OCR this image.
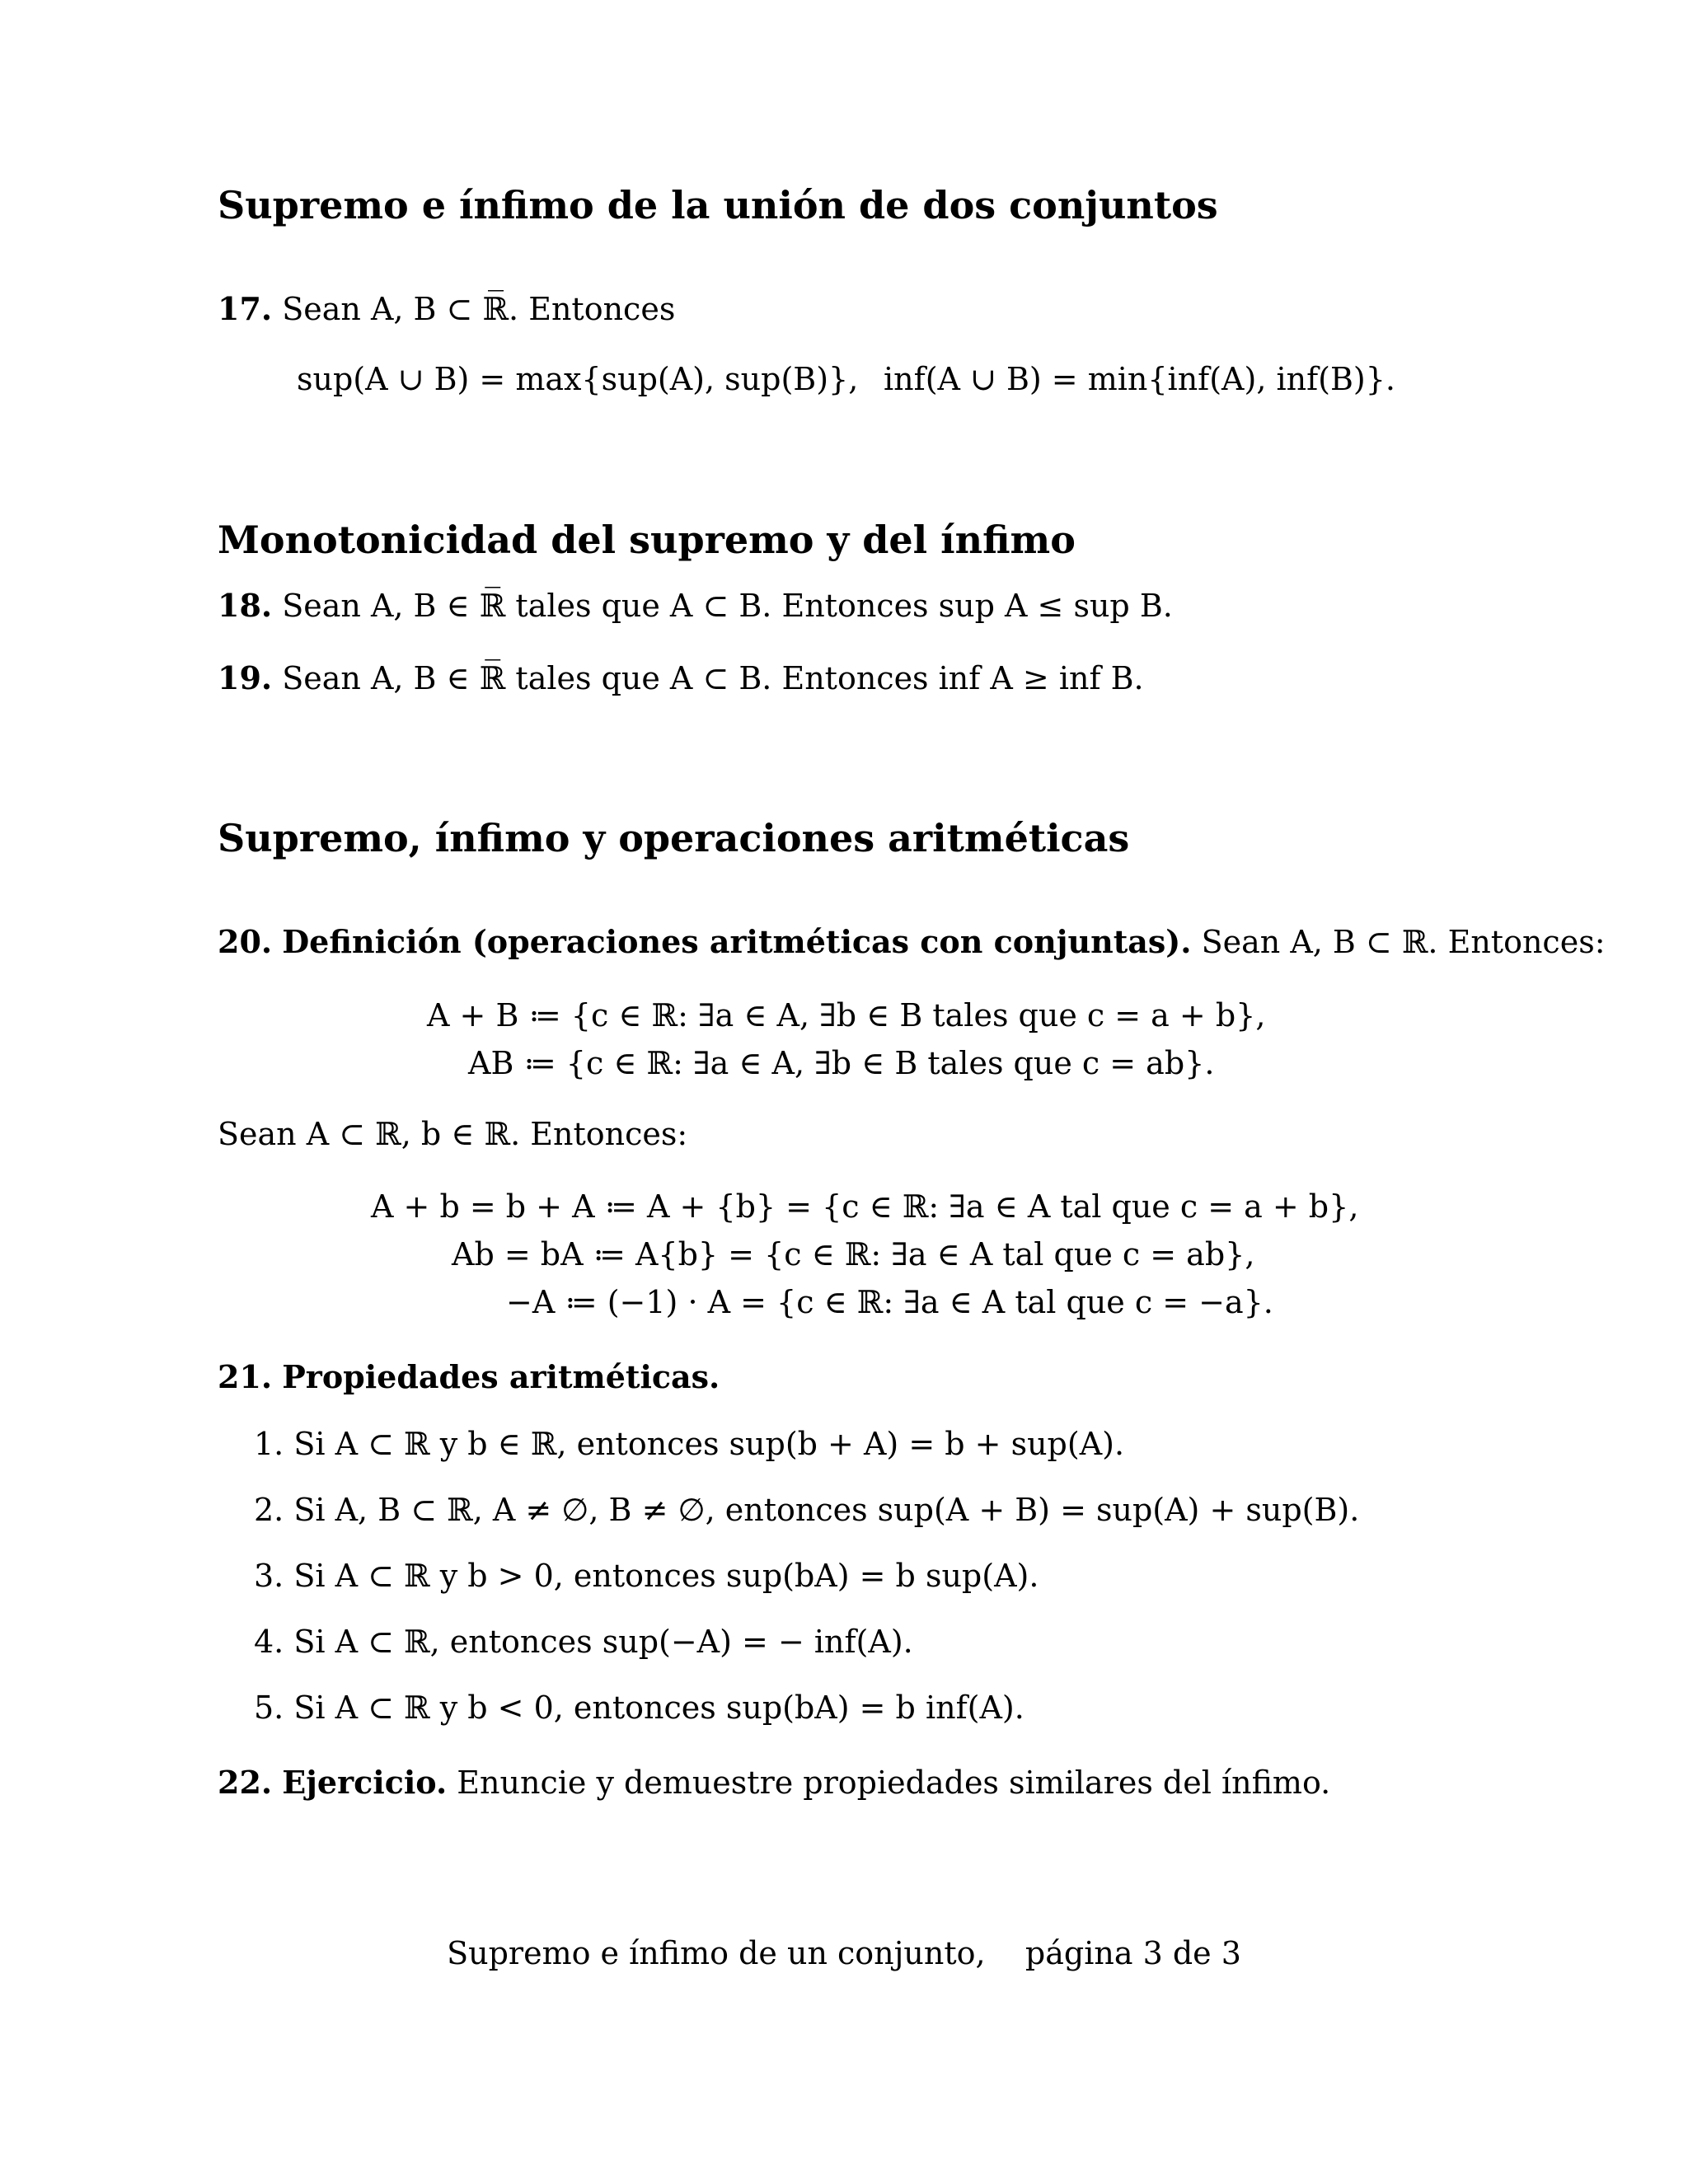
Supremo e ínfimo de la unión de dos conjuntos
17. Sean A, B ⊂ ℝ̅. Entonces
sup(A ∪ B) = max{sup(A), sup(B)}, inf(A ∪ B) = min{inf(A), inf(B)}.
Monotonicidad del supremo y del ínfimo
18. Sean A, B ∈ ℝ̅ tales que A ⊂ B. Entonces sup A ≤ sup B.
19. Sean A, B ∈ ℝ̅ tales que A ⊂ B. Entonces inf A ≥ inf B.
Supremo, ínfimo y operaciones aritméticas
20. Definición (operaciones aritméticas con conjuntas). Sean A, B ⊂ ℝ. Entonces:
A + B ≔ {c ∈ ℝ: ∃a ∈ A, ∃b ∈ B tales que c = a + b},
AB ≔ {c ∈ ℝ: ∃a ∈ A, ∃b ∈ B tales que c = ab}.
Sean A ⊂ ℝ, b ∈ ℝ. Entonces:
A + b = b + A ≔ A + {b} = {c ∈ ℝ: ∃a ∈ A tal que c = a + b},
Ab = bA ≔ A{b} = {c ∈ ℝ: ∃a ∈ A tal que c = ab},
−A ≔ (−1) · A = {c ∈ ℝ: ∃a ∈ A tal que c = −a}.
21. Propiedades aritméticas.
1. Si A ⊂ ℝ y b ∈ ℝ, entonces sup(b + A) = b + sup(A).
2. Si A, B ⊂ ℝ, A ≠ ∅, B ≠ ∅, entonces sup(A + B) = sup(A) + sup(B).
3. Si A ⊂ ℝ y b > 0, entonces sup(bA) = b sup(A).
4. Si A ⊂ ℝ, entonces sup(−A) = − inf(A).
5. Si A ⊂ ℝ y b < 0, entonces sup(bA) = b inf(A).
22. Ejercicio. Enuncie y demuestre propiedades similares del ínfimo.
Supremo e ínfimo de un conjunto,    página 3 de 3
